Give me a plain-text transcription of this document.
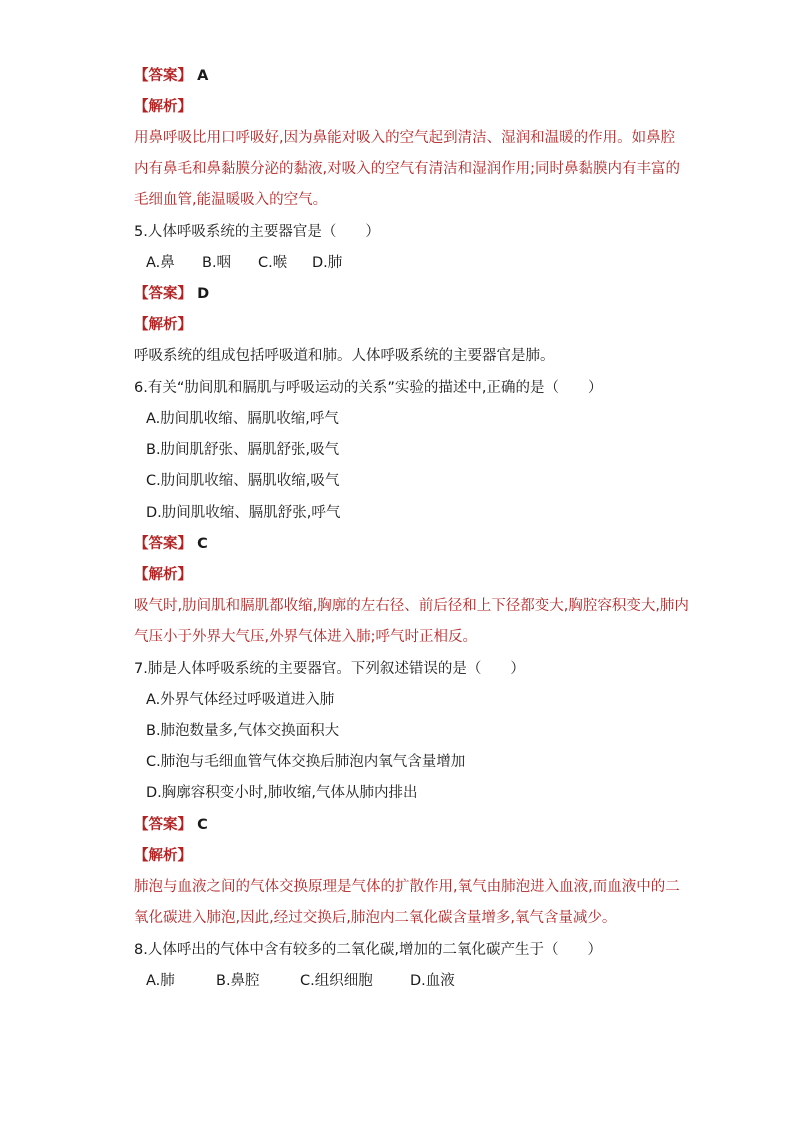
【答案】 A
【解析】
用鼻呼吸比用口呼吸好,因为鼻能对吸入的空气起到清洁、湿润和温暖的作用。如鼻腔
内有鼻毛和鼻黏膜分泌的黏液,对吸入的空气有清洁和湿润作用;同时鼻黏膜内有丰富的
毛细血管,能温暖吸入的空气。
5.人体呼吸系统的主要器官是（　　）
A.鼻 B.咽 C.喉 D.肺
【答案】 D
【解析】
呼吸系统的组成包括呼吸道和肺。人体呼吸系统的主要器官是肺。
6.有关“肋间肌和膈肌与呼吸运动的关系”实验的描述中,正确的是（　　）
A.肋间肌收缩、膈肌收缩,呼气
B.肋间肌舒张、膈肌舒张,吸气
C.肋间肌收缩、膈肌收缩,吸气
D.肋间肌收缩、膈肌舒张,呼气
【答案】 C
【解析】
吸气时,肋间肌和膈肌都收缩,胸廓的左右径、前后径和上下径都变大,胸腔容积变大,肺内
气压小于外界大气压,外界气体进入肺;呼气时正相反。
7.肺是人体呼吸系统的主要器官。下列叙述错误的是（　　）
A.外界气体经过呼吸道进入肺
B.肺泡数量多,气体交换面积大
C.肺泡与毛细血管气体交换后肺泡内氧气含量增加
D.胸廓容积变小时,肺收缩,气体从肺内排出
【答案】 C
【解析】
肺泡与血液之间的气体交换原理是气体的扩散作用,氧气由肺泡进入血液,而血液中的二
氧化碳进入肺泡,因此,经过交换后,肺泡内二氧化碳含量增多,氧气含量减少。
8.人体呼出的气体中含有较多的二氧化碳,增加的二氧化碳产生于（　　）
A.肺	B.鼻腔	C.组织细胞	D.血液
